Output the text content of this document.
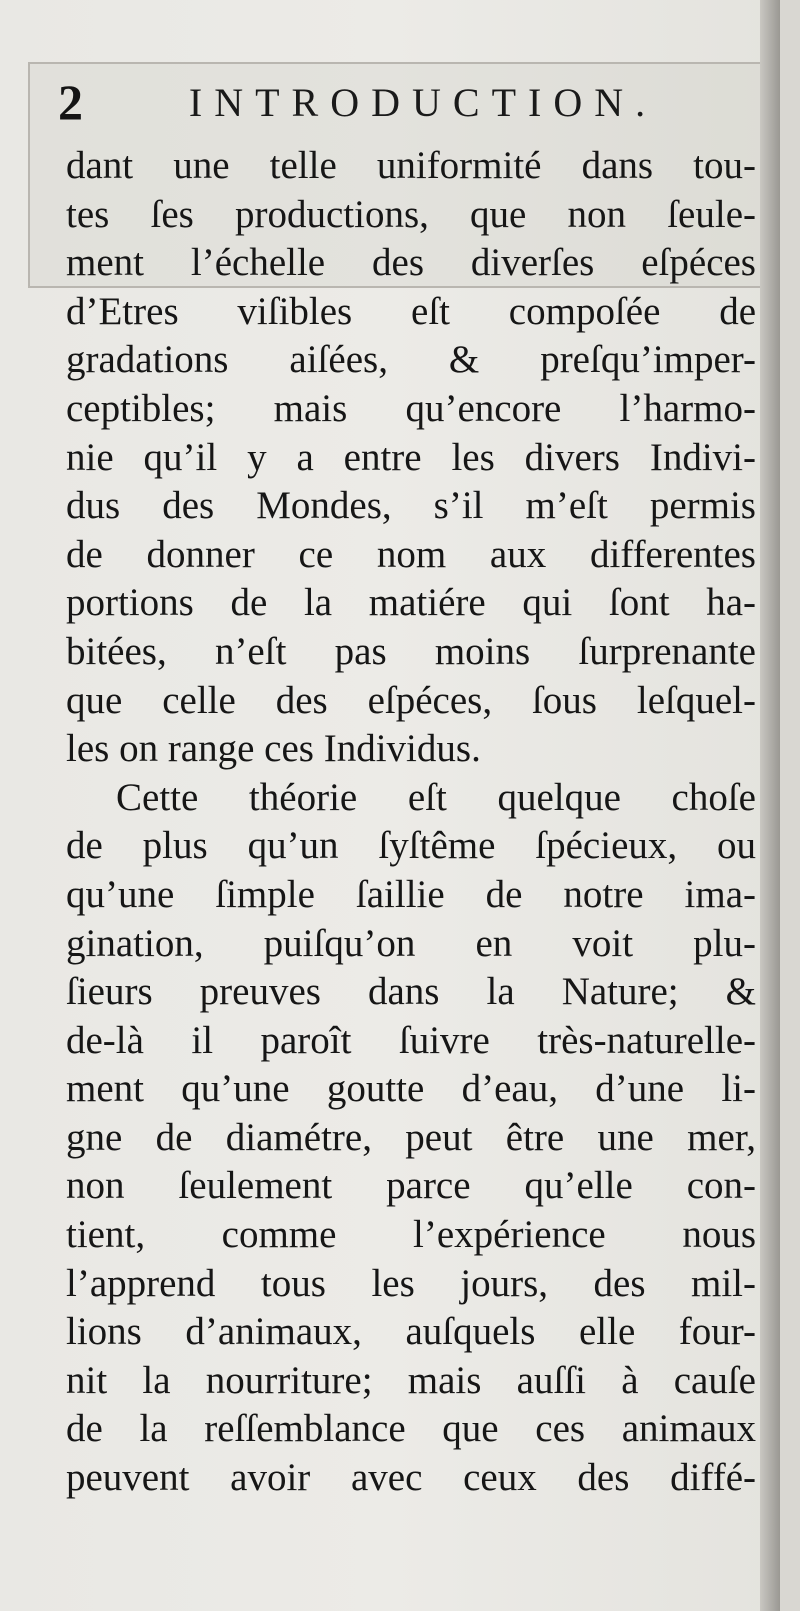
2	INTRODUCTION.
dant une telle uniformité dans tou-
tes ſes productions, que non ſeule-
ment l’échelle des diverſes eſpéces
d’Etres viſibles eſt compoſée de
gradations aiſées, & preſqu’imper-
ceptibles; mais qu’encore l’harmo-
nie qu’il y a entre les divers Indivi-
dus des Mondes, s’il m’eſt permis
de donner ce nom aux differentes
portions de la matiére qui ſont ha-
bitées, n’eſt pas moins ſurprenante
que celle des eſpéces, ſous leſquel-
les on range ces Individus.
Cette théorie eſt quelque choſe
de plus qu’un ſyſtême ſpécieux, ou
qu’une ſimple ſaillie de notre ima-
gination, puiſqu’on en voit plu-
ſieurs preuves dans la Nature; &
de-là il paroît ſuivre très-naturelle-
ment qu’une goutte d’eau, d’une li-
gne de diamétre, peut être une mer,
non ſeulement parce qu’elle con-
tient, comme l’expérience nous
l’apprend tous les jours, des mil-
lions d’animaux, auſquels elle four-
nit la nourriture; mais auſſi à cauſe
de la reſſemblance que ces animaux
peuvent avoir avec ceux des diffé-
